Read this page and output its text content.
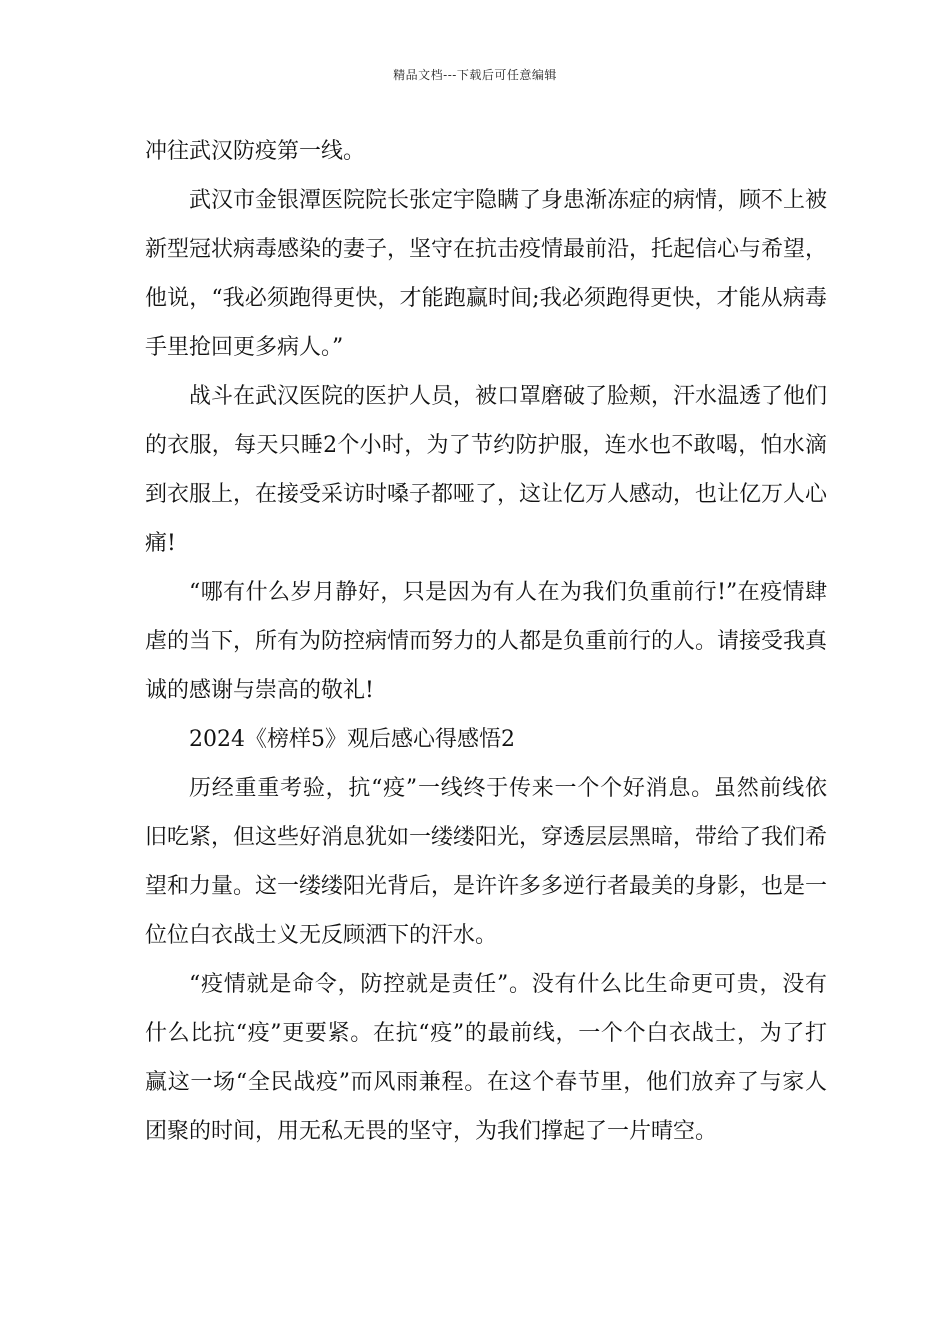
精品文档---下载后可任意编辑

冲往武汉防疫第一线。

武汉市金银潭医院院长张定宇隐瞒了身患渐冻症的病情，顾不上被新型冠状病毒感染的妻子，坚守在抗击疫情最前沿，托起信心与希望，他说，“我必须跑得更快，才能跑赢时间;我必须跑得更快，才能从病毒手里抢回更多病人。”

战斗在武汉医院的医护人员，被口罩磨破了脸颊，汗水温透了他们的衣服，每天只睡2个小时，为了节约防护服，连水也不敢喝，怕水滴到衣服上，在接受采访时嗓子都哑了，这让亿万人感动，也让亿万人心痛!

“哪有什么岁月静好，只是因为有人在为我们负重前行!”在疫情肆虐的当下，所有为防控病情而努力的人都是负重前行的人。请接受我真诚的感谢与崇高的敬礼!

2024《榜样5》观后感心得感悟2

历经重重考验，抗“疫”一线终于传来一个个好消息。虽然前线依旧吃紧，但这些好消息犹如一缕缕阳光，穿透层层黑暗，带给了我们希望和力量。这一缕缕阳光背后，是许许多多逆行者最美的身影，也是一位位白衣战士义无反顾洒下的汗水。

“疫情就是命令，防控就是责任”。没有什么比生命更可贵，没有什么比抗“疫”更要紧。在抗“疫”的最前线，一个个白衣战士，为了打赢这一场“全民战疫”而风雨兼程。在这个春节里，他们放弃了与家人团聚的时间，用无私无畏的坚守，为我们撑起了一片晴空。
